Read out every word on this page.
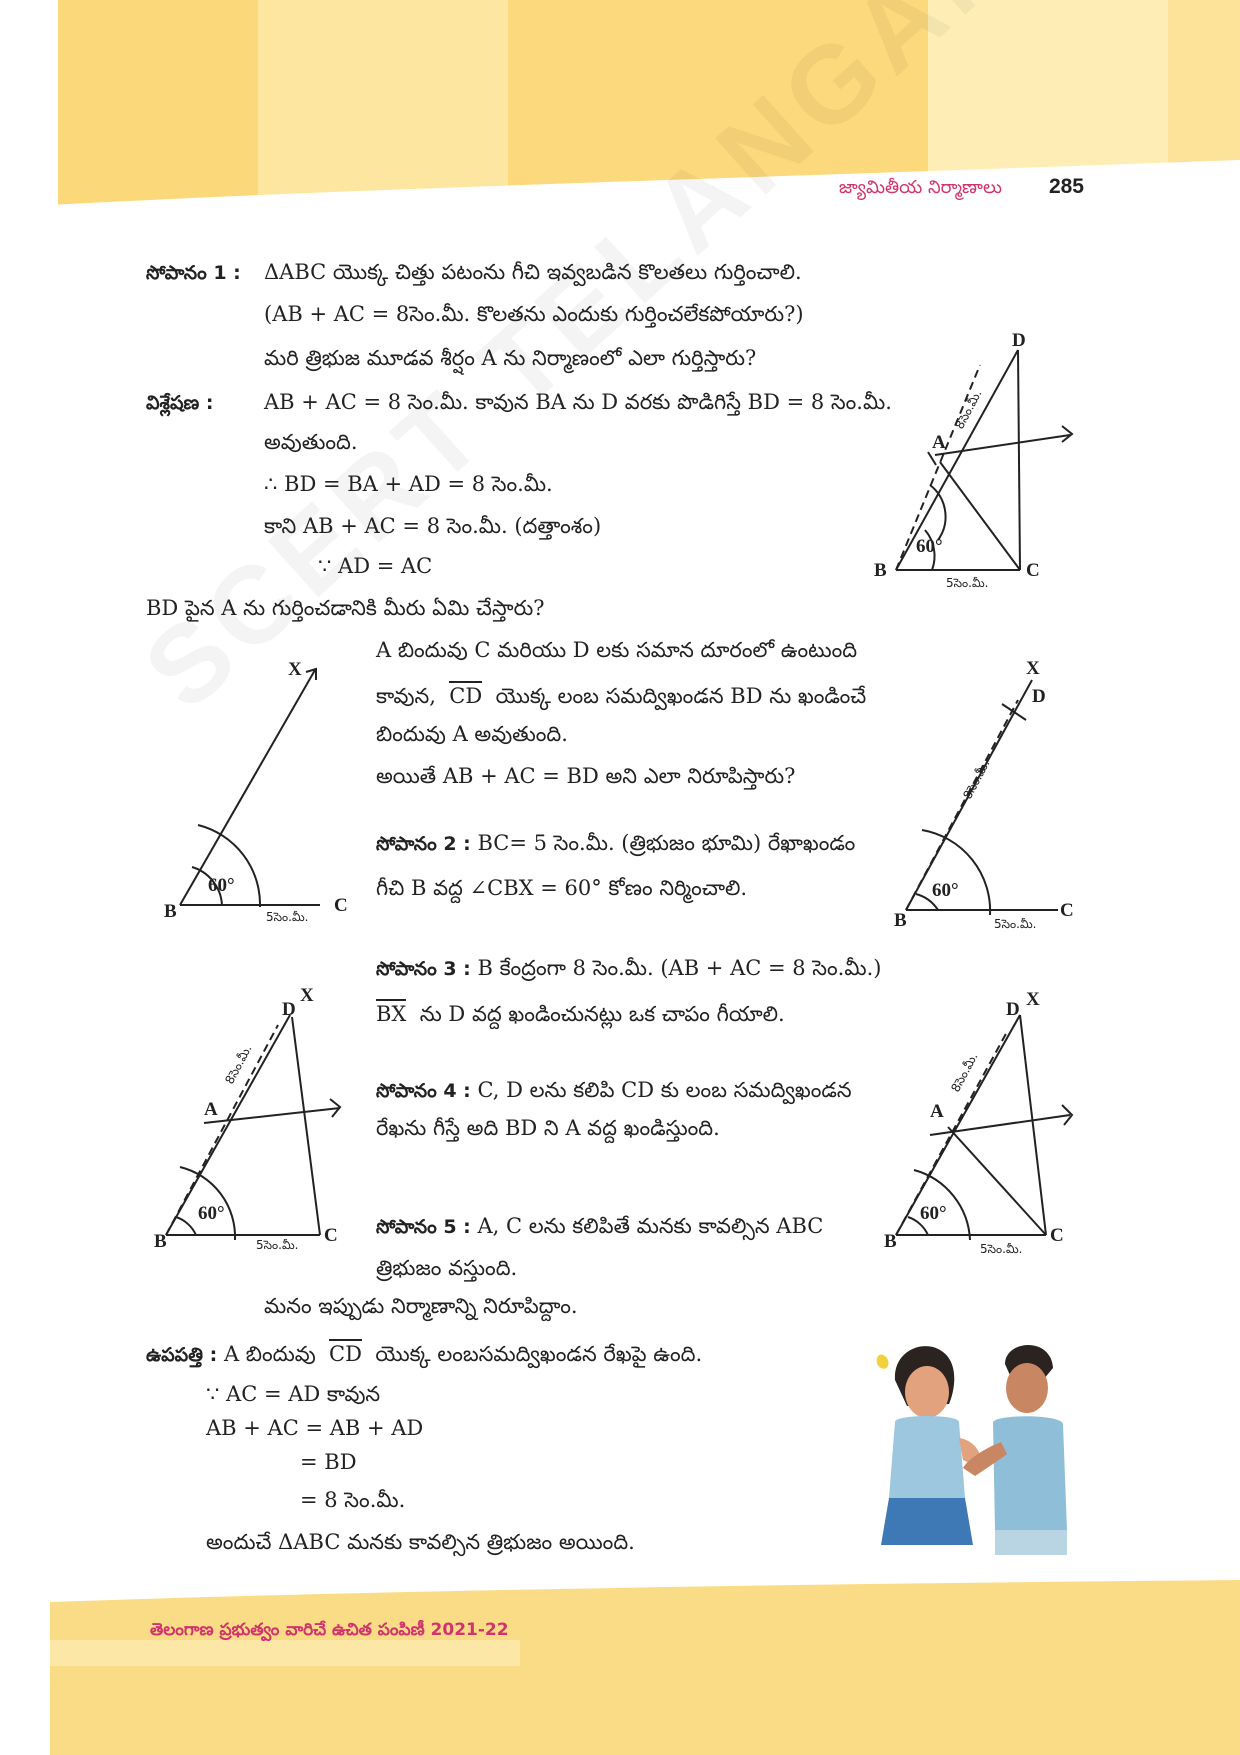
జ్యామితీయ నిర్మాణాలు 285
సోపానం 1 : ΔABC యొక్క చిత్తు పటంను గీచి ఇవ్వబడిన కొలతలు గుర్తించాలి.
(AB + AC = 8సెం.మీ. కొలతను ఎందుకు గుర్తించలేకపోయారు?)
మరి త్రిభుజ మూడవ శీర్షం A ను నిర్మాణంలో ఎలా గుర్తిస్తారు?
విశ్లేషణ : AB + AC = 8 సెం.మీ. కావున BA ను D వరకు పొడిగిస్తే BD = 8 సెం.మీ.
అవుతుంది.
∴ BD = BA + AD = 8 సెం.మీ.
కాని AB + AC = 8 సెం.మీ. (దత్తాంశం)
∵ AD = AC
BD పైన A ను గుర్తించడానికి మీరు ఏమి చేస్తారు?
A బిందువు C మరియు D లకు సమాన దూరంలో ఉంటుంది
కావున, CD యొక్క లంబ సమద్విఖండన BD ను ఖండించే
బిందువు A అవుతుంది.
అయితే AB + AC = BD అని ఎలా నిరూపిస్తారు?
సోపానం 2 : BC= 5 సెం.మీ. (త్రిభుజం భూమి) రేఖాఖండం
గీచి B వద్ద ∠CBX = 60° కోణం నిర్మించాలి.
సోపానం 3 : B కేంద్రంగా 8 సెం.మీ. (AB + AC = 8 సెం.మీ.)
BX ను D వద్ద ఖండించునట్లు ఒక చాపం గీయాలి.
సోపానం 4 : C, D లను కలిపి CD కు లంబ సమద్విఖండన
రేఖను గీస్తే అది BD ని A వద్ద ఖండిస్తుంది.
సోపానం 5 : A, C లను కలిపితే మనకు కావల్సిన ABC
త్రిభుజం వస్తుంది.
మనం ఇప్పుడు నిర్మాణాన్ని నిరూపిద్దాం.
ఉపపత్తి : A బిందువు CD యొక్క లంబసమద్విఖండన రేఖపై ఉంది.
∵ AC = AD కావున
AB + AC = AB + AD
= BD
= 8 సెం.మీ.
అందుచే ΔABC మనకు కావల్సిన త్రిభుజం అయింది.
B	C
D
A
60°
5సెం.మీ.
8సెం.మీ.
B	C
X
60°
5సెం.మీ.	B	C
X
D
60°
5సెం.మీ.
8సెం.మీ.
B	C
D
X
A
60°
5సెం.మీ.
8సెం.మీ.
B	C
D X
A
60°
5సెం.మీ.
8సెం.మీ.
తెలంగాణ ప్రభుత్వం వారిచే ఉచిత పంపిణీ 2021-22
